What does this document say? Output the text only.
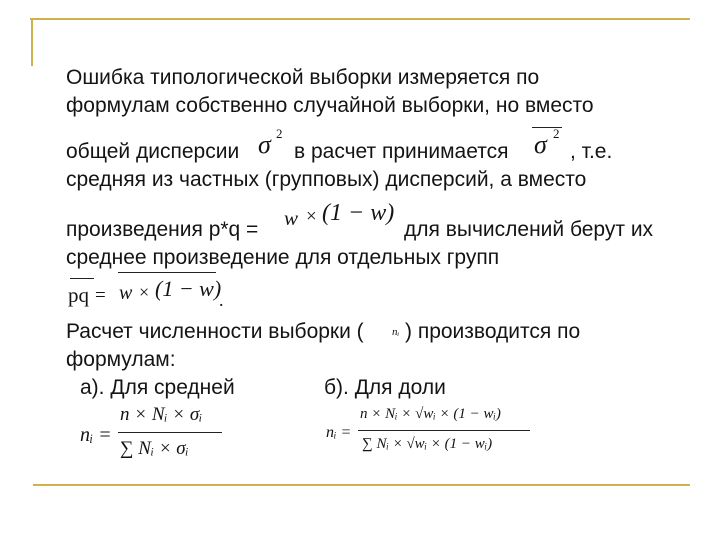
Ошибка типологической выборки измеряется по
формулам собственно случайной выборки, но вместо
общей дисперсии σ 2
в расчет принимается σ 2
, т.е.
средняя из частных (групповых) дисперсий, а вместо
произведения p*q = w × (1 − w)
для вычислений берут их
среднее произведение для отдельных групп
pq = w × (1 − w)
.
Расчет численности выборки (	nᵢ ) производится по
формулам:
а). Для средней	б). Для доли
nᵢ =
n × Nᵢ × σᵢ
∑ Nᵢ × σᵢ
nᵢ =
n × Nᵢ × √wᵢ × (1 − wᵢ)
∑ Nᵢ × √wᵢ × (1 − wᵢ)
